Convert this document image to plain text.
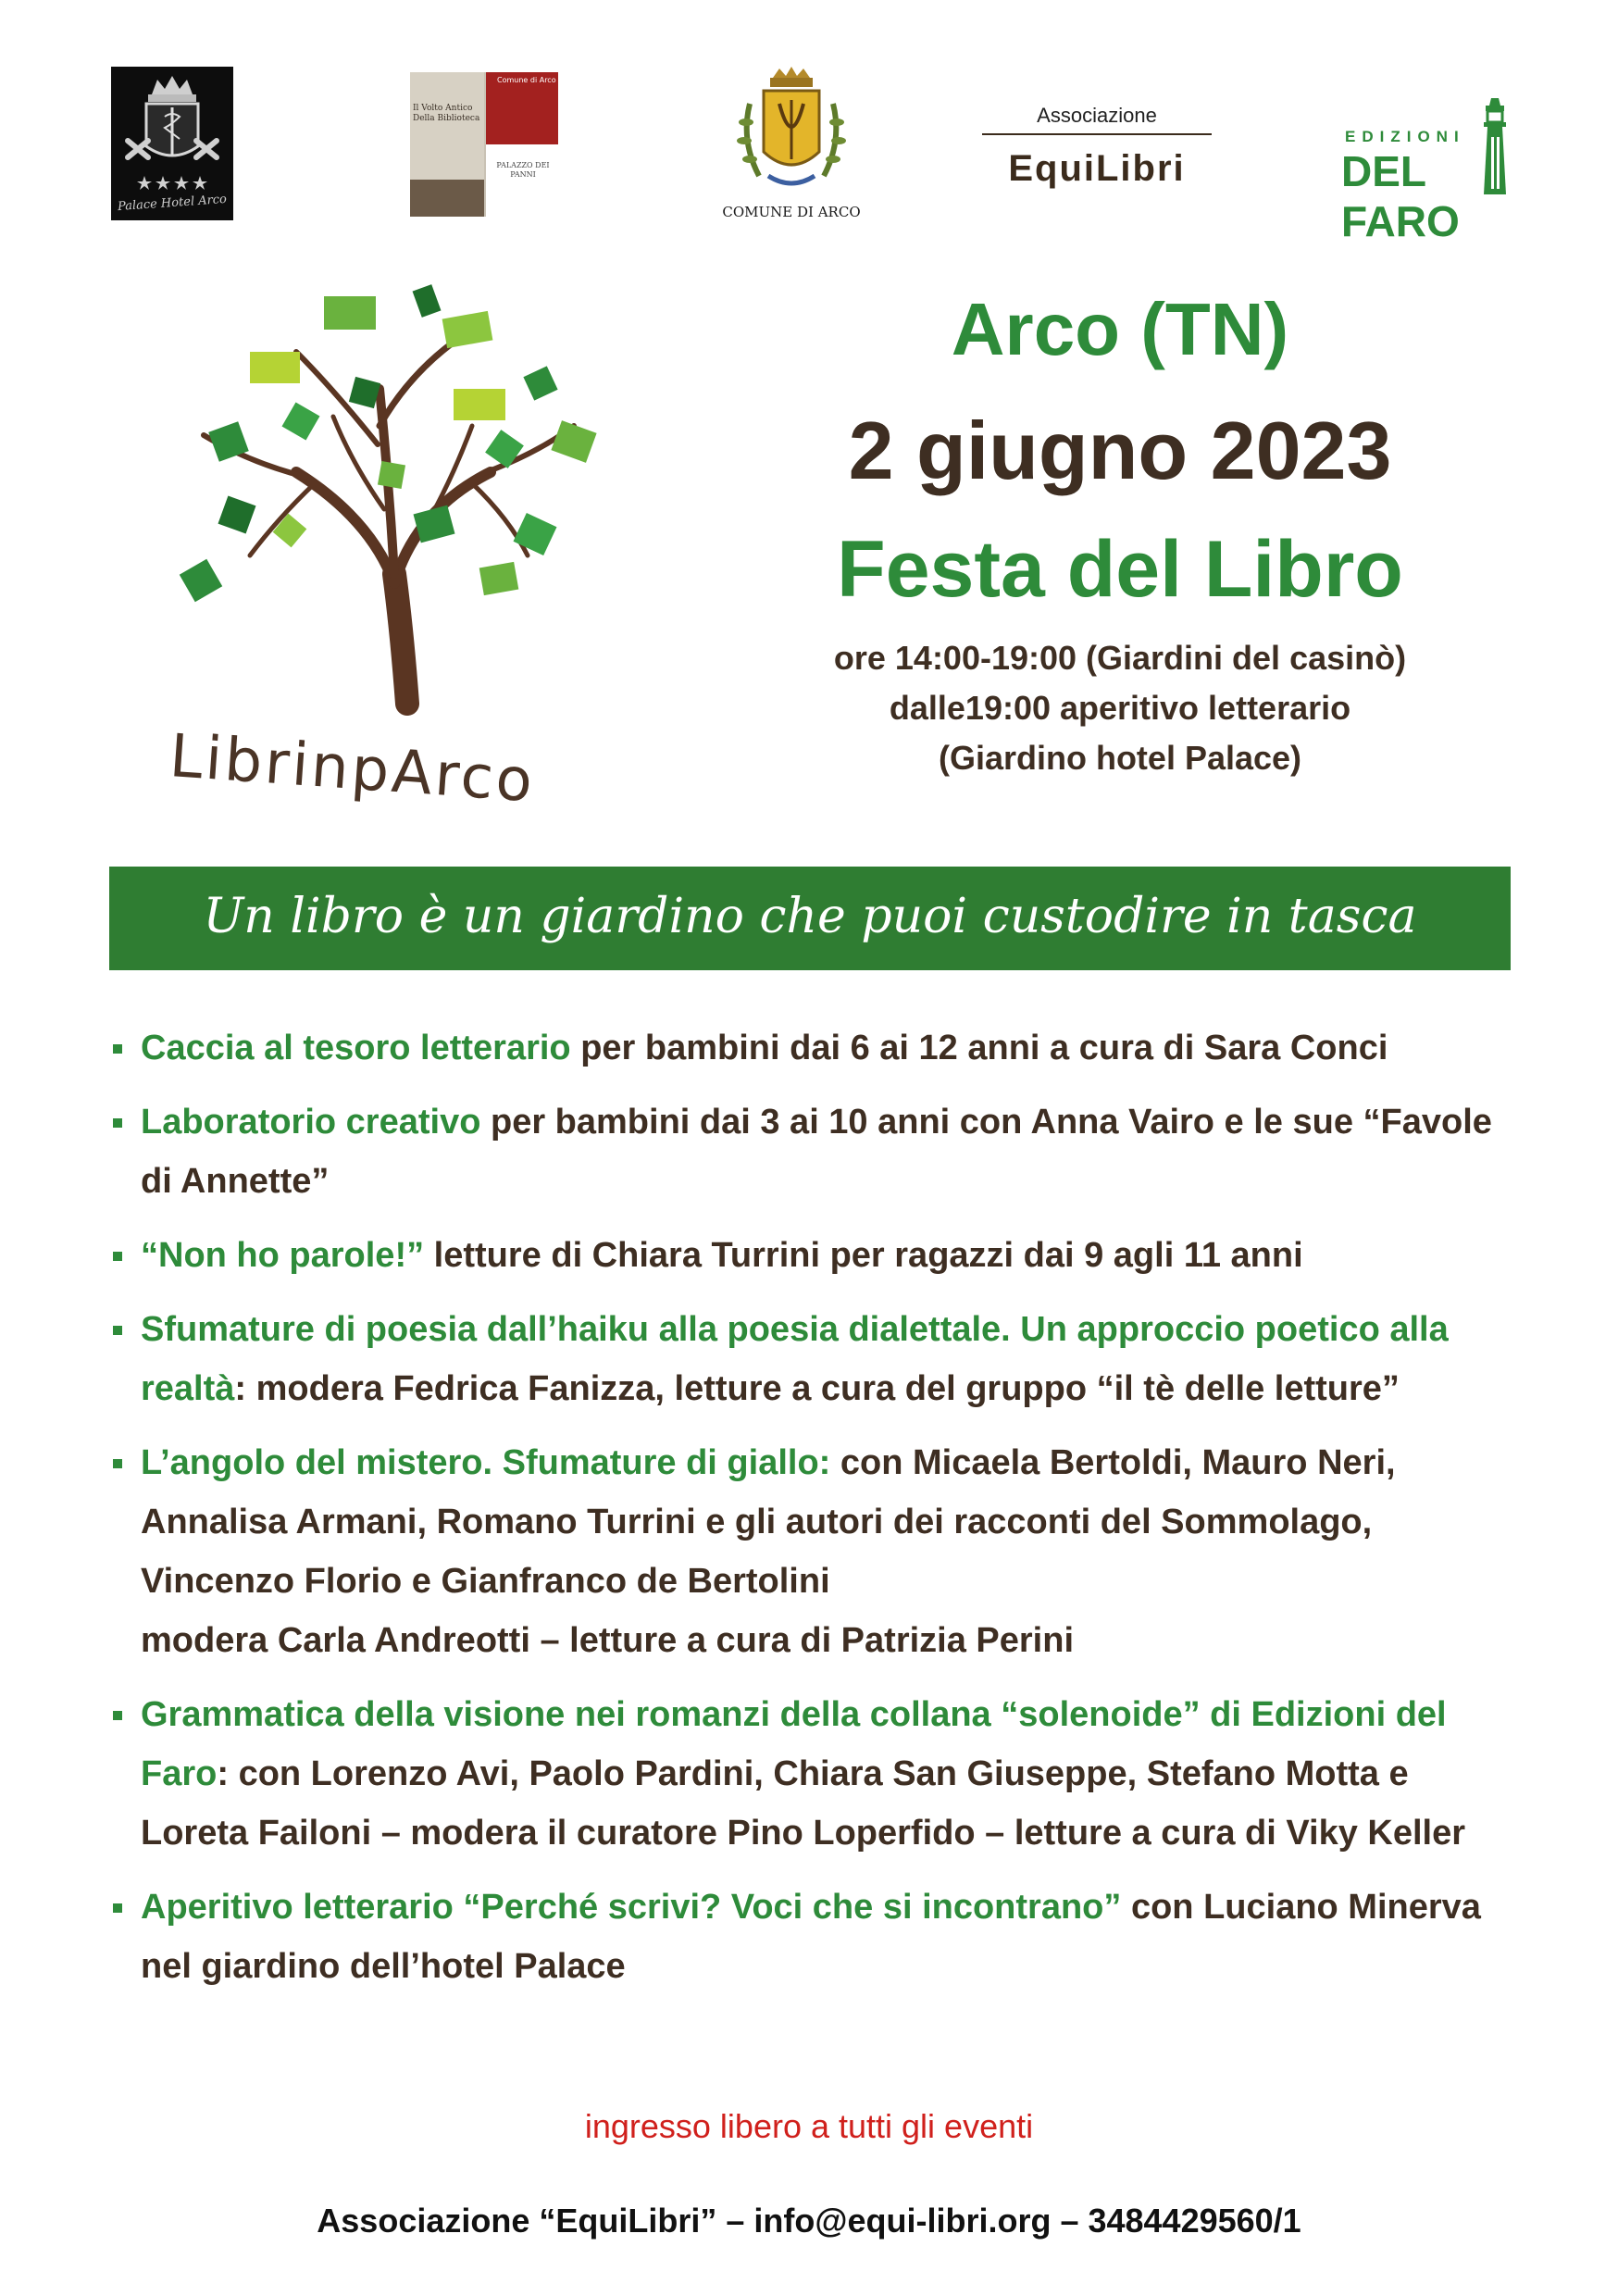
Palace Hotel Arco
Il Volto Antico Della Biblioteca
Comune di Arco
PALAZZO DEI PANNI
COMUNE DI ARCO
Associazione
EquiLibri
EDIZIONI
DEL FARO
LibrinpArco
Arco (TN)
2 giugno 2023
Festa del Libro
ore 14:00-19:00 (Giardini del casinò)
dalle19:00 aperitivo letterario
(Giardino hotel Palace)
Un libro è un giardino che puoi custodire in tasca
Caccia al tesoro letterario per bambini dai 6 ai 12 anni a cura di Sara Conci
Laboratorio creativo per bambini dai 3 ai 10 anni con Anna Vairo e le sue “Favole di Annette”
“Non ho parole!” letture di Chiara Turrini per ragazzi dai 9 agli 11 anni
Sfumature di poesia dall’haiku alla poesia dialettale. Un approccio poetico alla realtà: modera Fedrica Fanizza, letture a cura del gruppo “il tè delle letture”
L’angolo del mistero. Sfumature di giallo: con Micaela Bertoldi, Mauro Neri, Annalisa Armani, Romano Turrini e gli autori dei racconti del Sommolago, Vincenzo Florio e Gianfranco de Bertolini
modera Carla Andreotti – letture a cura di Patrizia Perini
Grammatica della visione nei romanzi della collana “solenoide” di Edizioni del Faro: con Lorenzo Avi, Paolo Pardini, Chiara San Giuseppe, Stefano Motta e Loreta Failoni – modera il curatore Pino Loperfido – letture a cura di Viky Keller
Aperitivo letterario “Perché scrivi? Voci che si incontrano” con Luciano Minerva nel giardino dell’hotel Palace
ingresso libero a tutti gli eventi
Associazione “EquiLibri” – info@equi-libri.org – 3484429560/1
